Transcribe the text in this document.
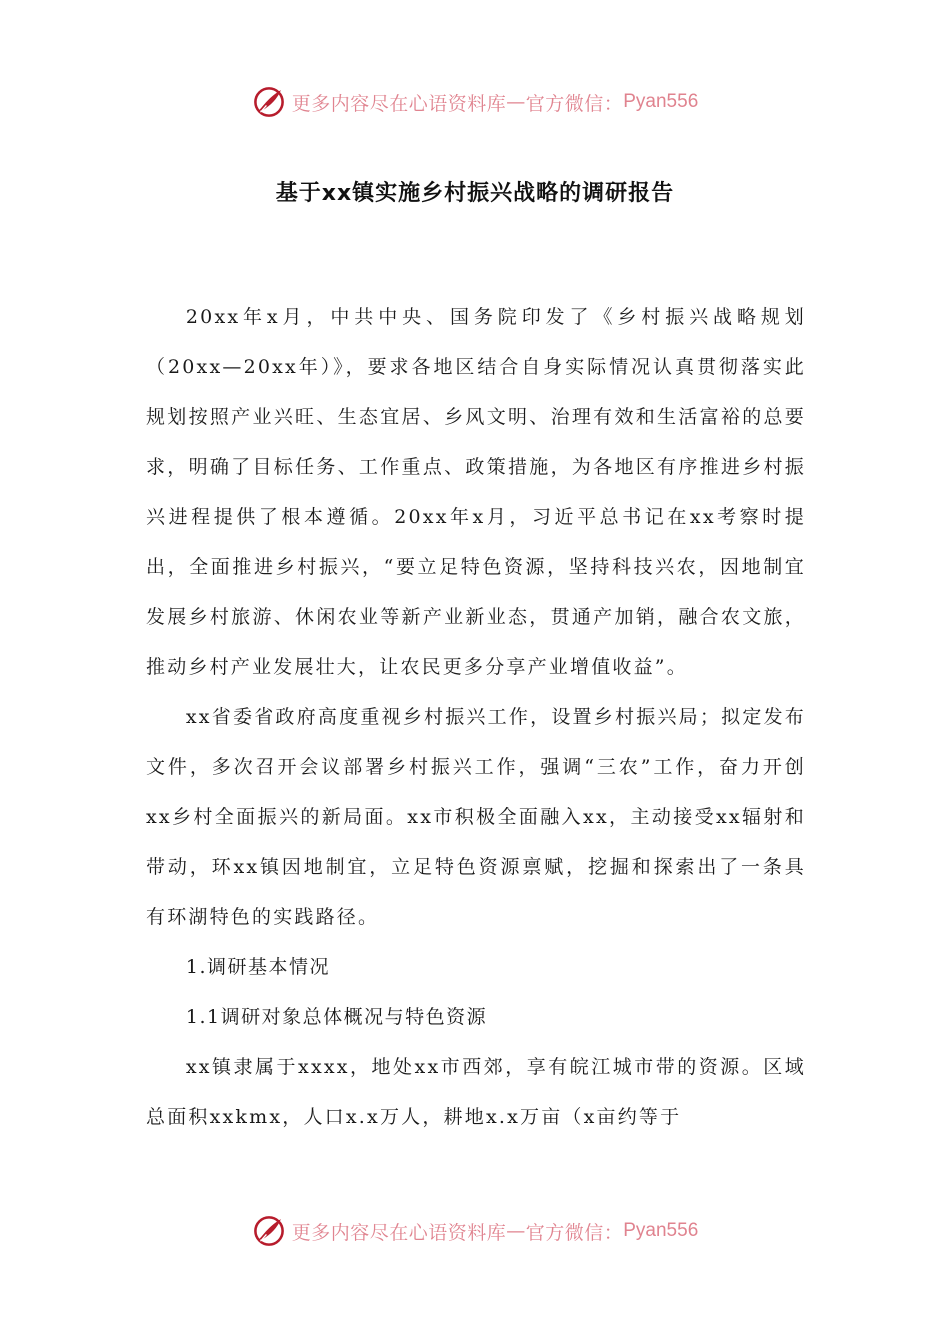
更多内容尽在心语资料库 — 官方微信： Pyan556
基于xx镇实施乡村振兴战略的调研报告

20xx年x月，中共中央、国务院印发了《乡村振兴战略规划（20xx—20xx年）》，要求各地区结合自身实际情况认真贯彻落实此规划按照产业兴旺、生态宜居、乡风文明、治理有效和生活富裕的总要求，明确了目标任务、工作重点、政策措施，为各地区有序推进乡村振兴进程提供了根本遵循。20xx年x月，习近平总书记在xx考察时提出，全面推进乡村振兴，“要立足特色资源，坚持科技兴农，因地制宜发展乡村旅游、休闲农业等新产业新业态，贯通产加销，融合农文旅，推动乡村产业发展壮大，让农民更多分享产业增值收益”。

xx省委省政府高度重视乡村振兴工作，设置乡村振兴局；拟定发布文件，多次召开会议部署乡村振兴工作，强调“三农”工作，奋力开创xx乡村全面振兴的新局面。xx市积极全面融入xx，主动接受xx辐射和带动，环xx镇因地制宜，立足特色资源禀赋，挖掘和探索出了一条具有环湖特色的实践路径。

1.调研基本情况

1.1调研对象总体概况与特色资源

xx镇隶属于xxxx，地处xx市西郊，享有皖江城市带的资源。区域总面积xxkmx，人口x.x万人，耕地x.x万亩（x亩约等于

更多内容尽在心语资料库 — 官方微信： Pyan556
